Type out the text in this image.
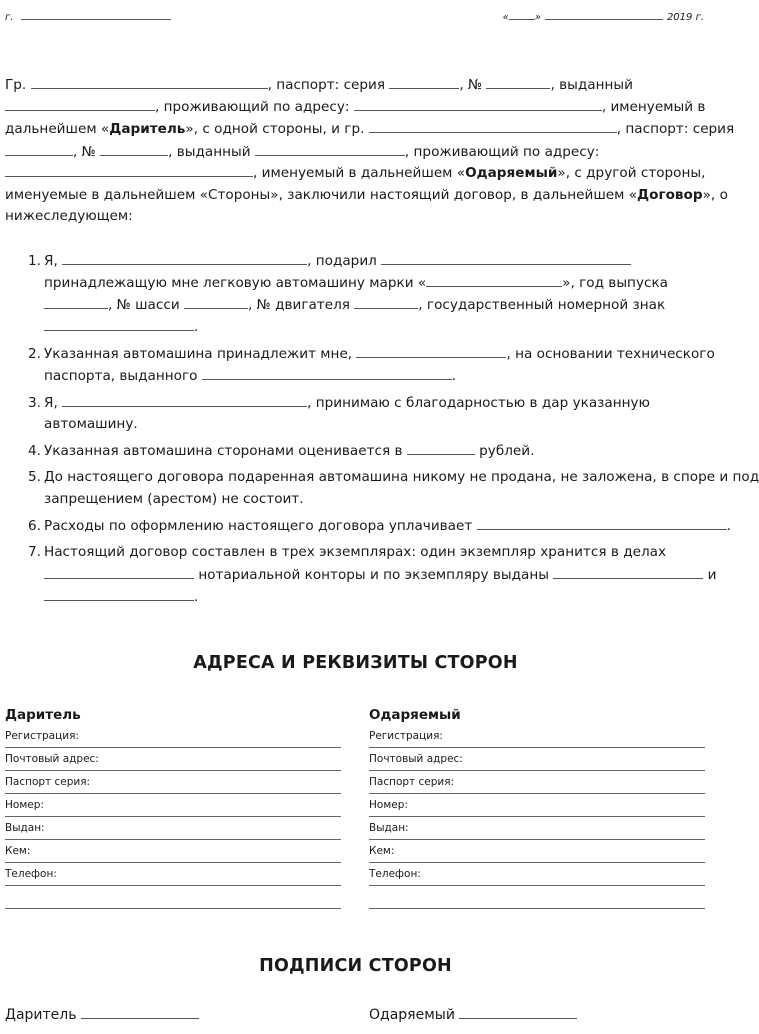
г.	«	»	2019 г.
Гр.	, паспорт: серия	, №	, выданный
, проживающий по адресу:	, именуемый в
дальнейшем «Даритель», с одной стороны, и гр.	, паспорт: серия
, №	, выданный	, проживающий по адресу:
, именуемый в дальнейшем «Одаряемый», с другой стороны,
именуемые в дальнейшем «Стороны», заключили настоящий договор, в дальнейшем «Договор», о
нижеследующем:
1. Я,	, подарил
принадлежащую мне легковую автомашину марки «	», год выпуска
, № шасси	, № двигателя	, государственный номерной знак
.
2. Указанная автомашина принадлежит мне,	, на основании технического
паспорта, выданного	.
3. Я,	, принимаю с благодарностью в дар указанную
автомашину.
4. Указанная автомашина сторонами оценивается в	рублей.
5. До настоящего договора подаренная автомашина никому не продана, не заложена, в споре и под
запрещением (арестом) не состоит.
6. Расходы по оформлению настоящего договора уплачивает	.
7. Настоящий договор составлен в трех экземплярах: один экземпляр хранится в делах
нотариальной конторы и по экземпляру выданы	и
.
АДРЕСА И РЕКВИЗИТЫ СТОРОН
Даритель
Регистрация:
Почтовый адрес:
Паспорт серия:
Номер:
Выдан:
Кем:
Телефон:
Одаряемый
Регистрация:
Почтовый адрес:
Паспорт серия:
Номер:
Выдан:
Кем:
Телефон:
ПОДПИСИ СТОРОН
Даритель	Одаряемый
